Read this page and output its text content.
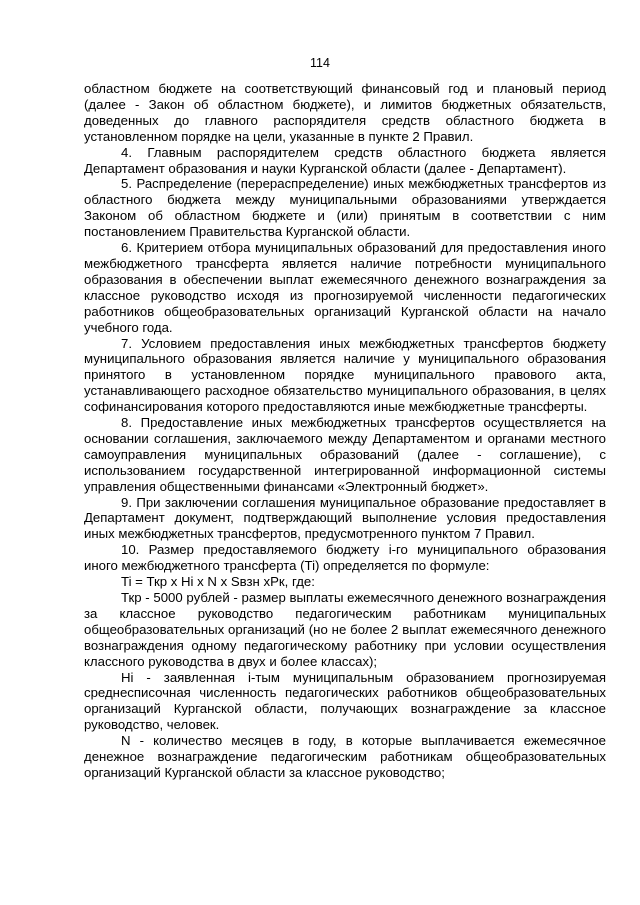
114

областном бюджете на соответствующий финансовый год и плановый период (далее - Закон об областном бюджете), и лимитов бюджетных обязательств, доведенных до главного распорядителя средств областного бюджета в установленном порядке на цели, указанные в пункте 2 Правил.

4. Главным распорядителем средств областного бюджета является Департамент образования и науки Курганской области (далее - Департамент).

5. Распределение (перераспределение) иных межбюджетных трансфертов из областного бюджета между муниципальными образованиями утверждается Законом об областном бюджете и (или) принятым в соответствии с ним постановлением Правительства Курганской области.

6. Критерием отбора муниципальных образований для предоставления иного межбюджетного трансферта является наличие потребности муниципального образования в обеспечении выплат ежемесячного денежного вознаграждения за классное руководство исходя из прогнозируемой численности педагогических работников общеобразовательных организаций Курганской области на начало учебного года.

7. Условием предоставления иных межбюджетных трансфертов бюджету муниципального образования является наличие у муниципального образования принятого в установленном порядке муниципального правового акта, устанавливающего расходное обязательство муниципального образования, в целях софинансирования которого предоставляются иные межбюджетные трансферты.

8. Предоставление иных межбюджетных трансфертов осуществляется на основании соглашения, заключаемого между Департаментом и органами местного самоуправления муниципальных образований (далее - соглашение), с использованием государственной интегрированной информационной системы управления общественными финансами «Электронный бюджет».

9. При заключении соглашения муниципальное образование предоставляет в Департамент документ, подтверждающий выполнение условия предоставления иных межбюджетных трансфертов, предусмотренного пунктом 7 Правил.

10. Размер предоставляемого бюджету i-го муниципального образования иного межбюджетного трансферта (Ti) определяется по формуле:

Ti = Ткр x Hi x N x Sвзн xPк, где:

Ткр - 5000 рублей - размер выплаты ежемесячного денежного вознаграждения за классное руководство педагогическим работникам муниципальных общеобразовательных организаций (но не более 2 выплат ежемесячного денежного вознаграждения одному педагогическому работнику при условии осуществления классного руководства в двух и более классах);

Hi - заявленная i-тым муниципальным образованием прогнозируемая среднесписочная численность педагогических работников общеобразовательных организаций Курганской области, получающих вознаграждение за классное руководство, человек.

N - количество месяцев в году, в которые выплачивается ежемесячное денежное вознаграждение педагогическим работникам общеобразовательных организаций Курганской области за классное руководство;
